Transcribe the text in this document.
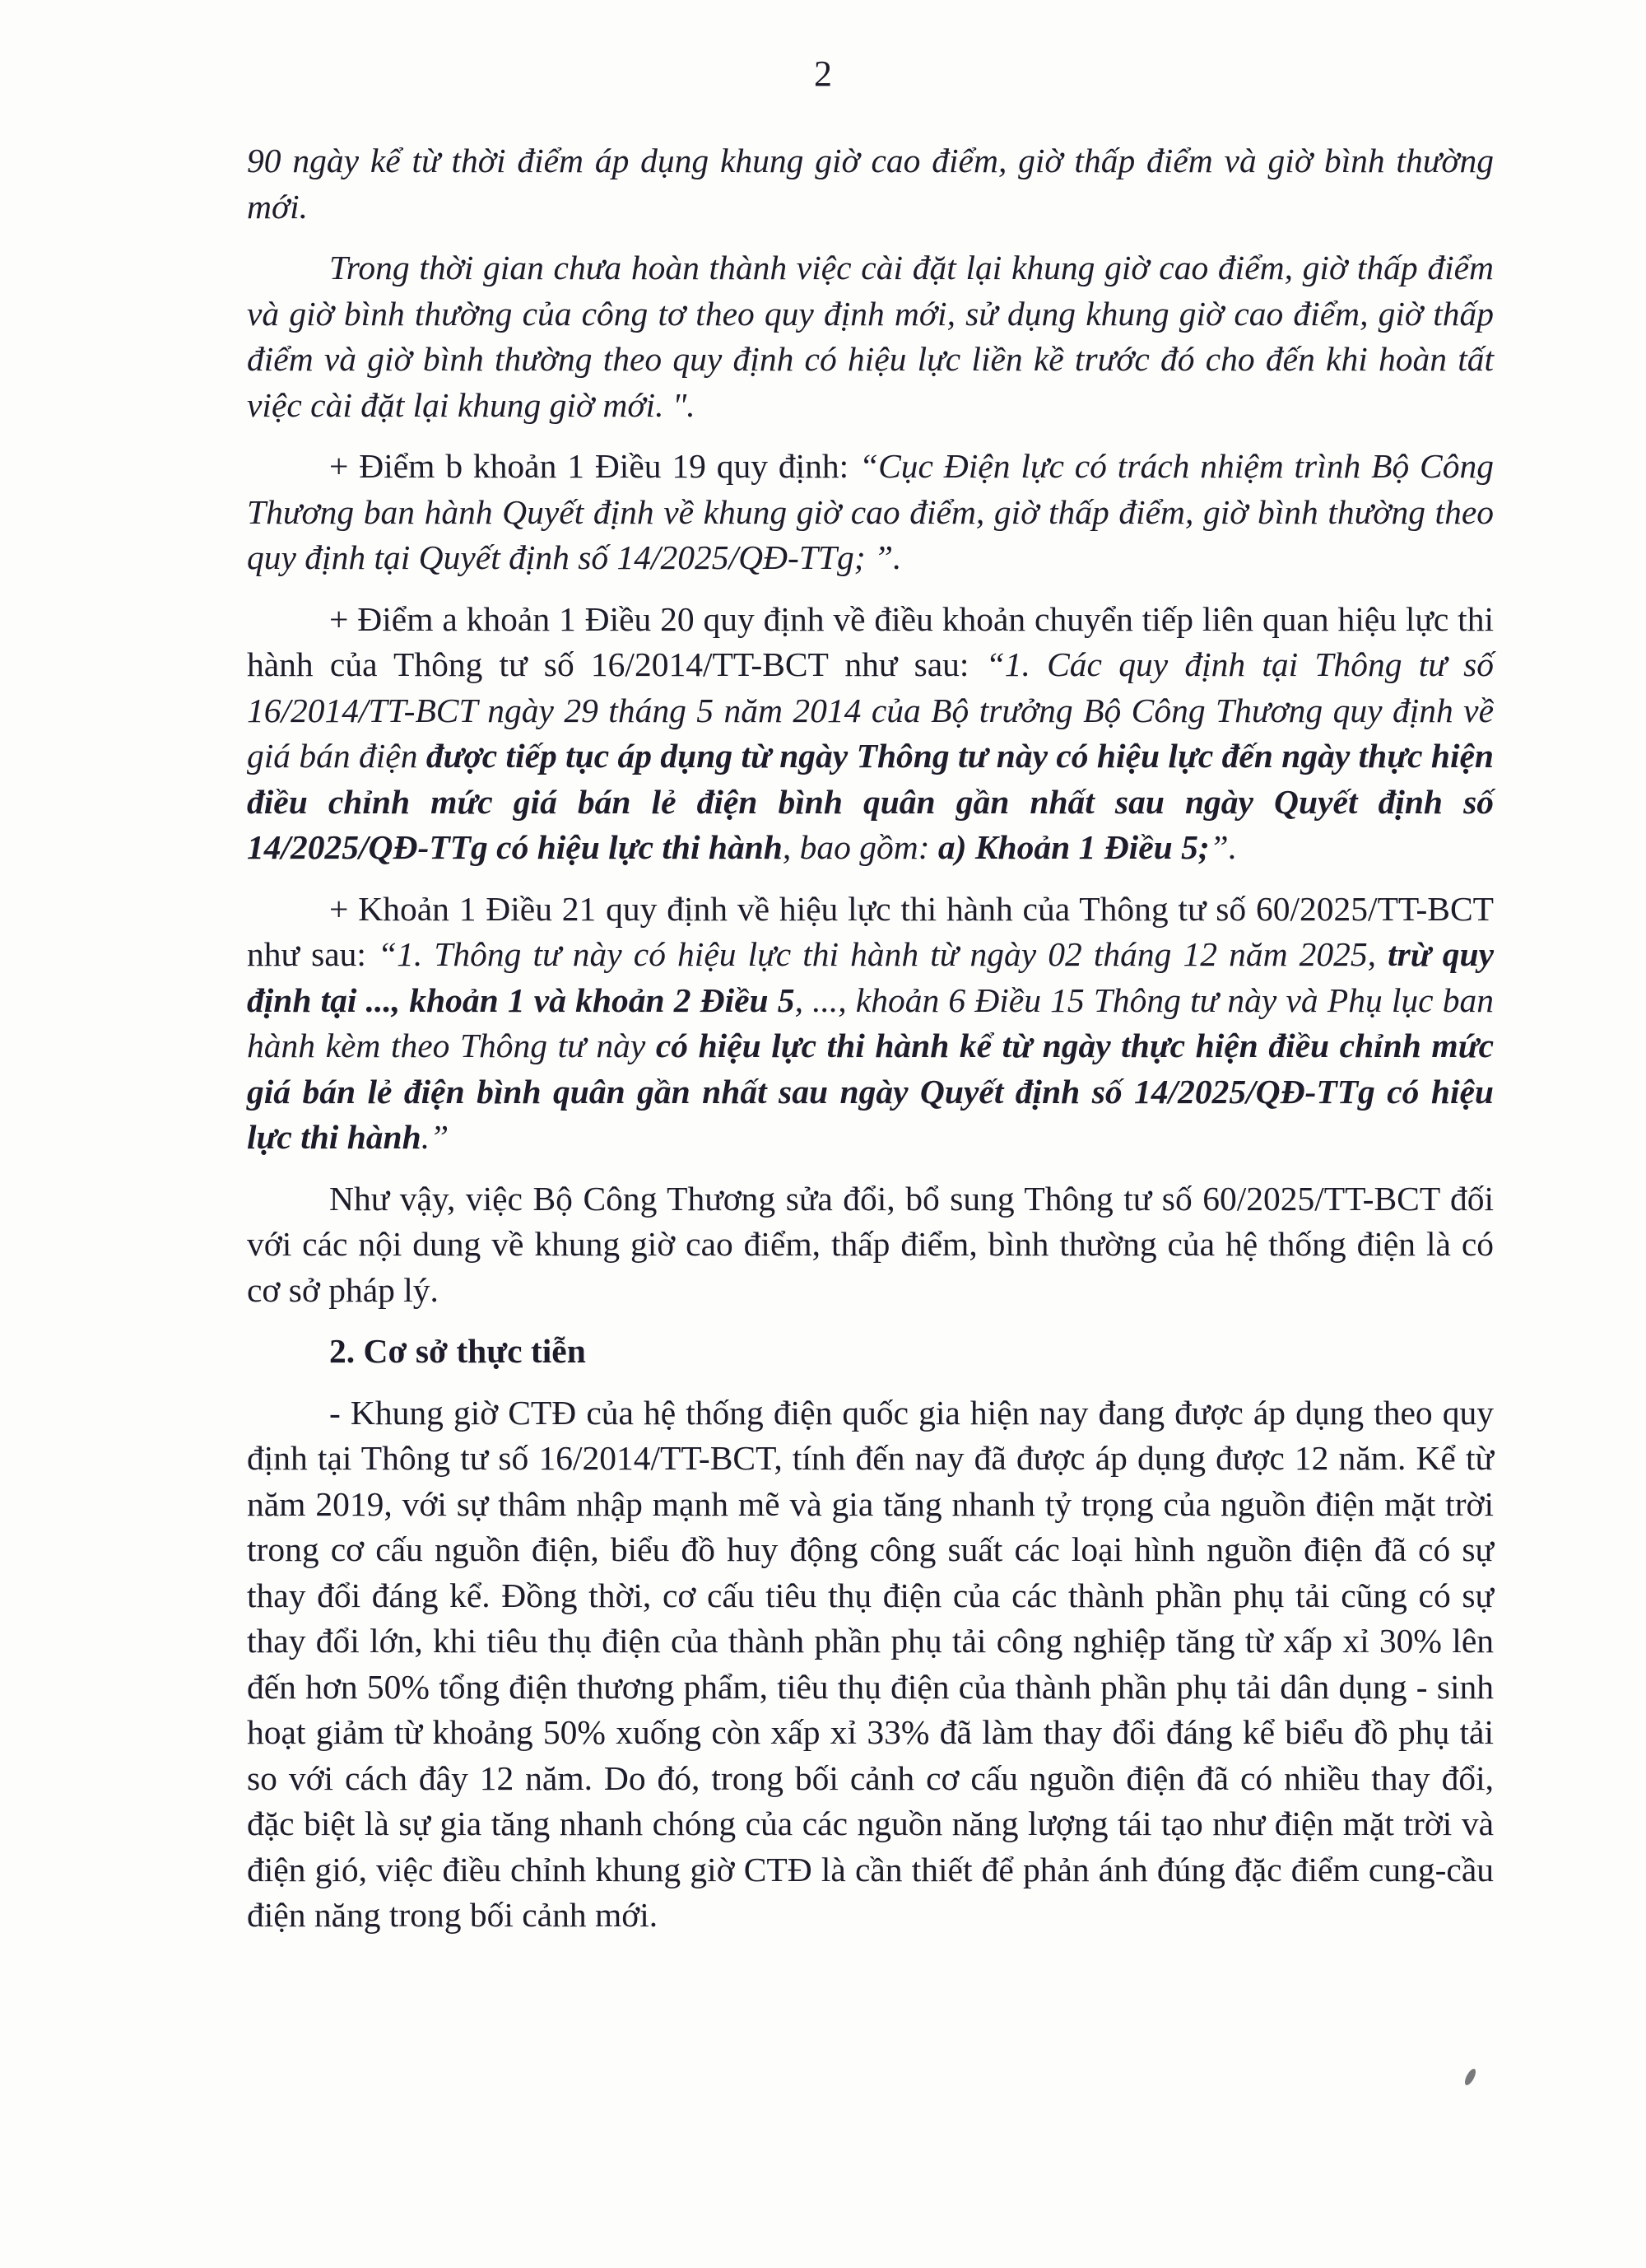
2

90 ngày kể từ thời điểm áp dụng khung giờ cao điểm, giờ thấp điểm và giờ bình thường mới.

Trong thời gian chưa hoàn thành việc cài đặt lại khung giờ cao điểm, giờ thấp điểm và giờ bình thường của công tơ theo quy định mới, sử dụng khung giờ cao điểm, giờ thấp điểm và giờ bình thường theo quy định có hiệu lực liền kề trước đó cho đến khi hoàn tất việc cài đặt lại khung giờ mới. ".

+ Điểm b khoản 1 Điều 19 quy định: “Cục Điện lực có trách nhiệm trình Bộ Công Thương ban hành Quyết định về khung giờ cao điểm, giờ thấp điểm, giờ bình thường theo quy định tại Quyết định số 14/2025/QĐ-TTg; ”.

+ Điểm a khoản 1 Điều 20 quy định về điều khoản chuyển tiếp liên quan hiệu lực thi hành của Thông tư số 16/2014/TT-BCT như sau: “1. Các quy định tại Thông tư số 16/2014/TT-BCT ngày 29 tháng 5 năm 2014 của Bộ trưởng Bộ Công Thương quy định về giá bán điện được tiếp tục áp dụng từ ngày Thông tư này có hiệu lực đến ngày thực hiện điều chỉnh mức giá bán lẻ điện bình quân gần nhất sau ngày Quyết định số 14/2025/QĐ-TTg có hiệu lực thi hành, bao gồm: a) Khoản 1 Điều 5;”.

+ Khoản 1 Điều 21 quy định về hiệu lực thi hành của Thông tư số 60/2025/TT-BCT như sau: “1. Thông tư này có hiệu lực thi hành từ ngày 02 tháng 12 năm 2025, trừ quy định tại ..., khoản 1 và khoản 2 Điều 5, ..., khoản 6 Điều 15 Thông tư này và Phụ lục ban hành kèm theo Thông tư này có hiệu lực thi hành kể từ ngày thực hiện điều chỉnh mức giá bán lẻ điện bình quân gần nhất sau ngày Quyết định số 14/2025/QĐ-TTg có hiệu lực thi hành.”

Như vậy, việc Bộ Công Thương sửa đổi, bổ sung Thông tư số 60/2025/TT-BCT đối với các nội dung về khung giờ cao điểm, thấp điểm, bình thường của hệ thống điện là có cơ sở pháp lý.

2. Cơ sở thực tiễn

- Khung giờ CTĐ của hệ thống điện quốc gia hiện nay đang được áp dụng theo quy định tại Thông tư số 16/2014/TT-BCT, tính đến nay đã được áp dụng được 12 năm. Kể từ năm 2019, với sự thâm nhập mạnh mẽ và gia tăng nhanh tỷ trọng của nguồn điện mặt trời trong cơ cấu nguồn điện, biểu đồ huy động công suất các loại hình nguồn điện đã có sự thay đổi đáng kể. Đồng thời, cơ cấu tiêu thụ điện của các thành phần phụ tải cũng có sự thay đổi lớn, khi tiêu thụ điện của thành phần phụ tải công nghiệp tăng từ xấp xỉ 30% lên đến hơn 50% tổng điện thương phẩm, tiêu thụ điện của thành phần phụ tải dân dụng - sinh hoạt giảm từ khoảng 50% xuống còn xấp xỉ 33% đã làm thay đổi đáng kể biểu đồ phụ tải so với cách đây 12 năm. Do đó, trong bối cảnh cơ cấu nguồn điện đã có nhiều thay đổi, đặc biệt là sự gia tăng nhanh chóng của các nguồn năng lượng tái tạo như điện mặt trời và điện gió, việc điều chỉnh khung giờ CTĐ là cần thiết để phản ánh đúng đặc điểm cung-cầu điện năng trong bối cảnh mới.
